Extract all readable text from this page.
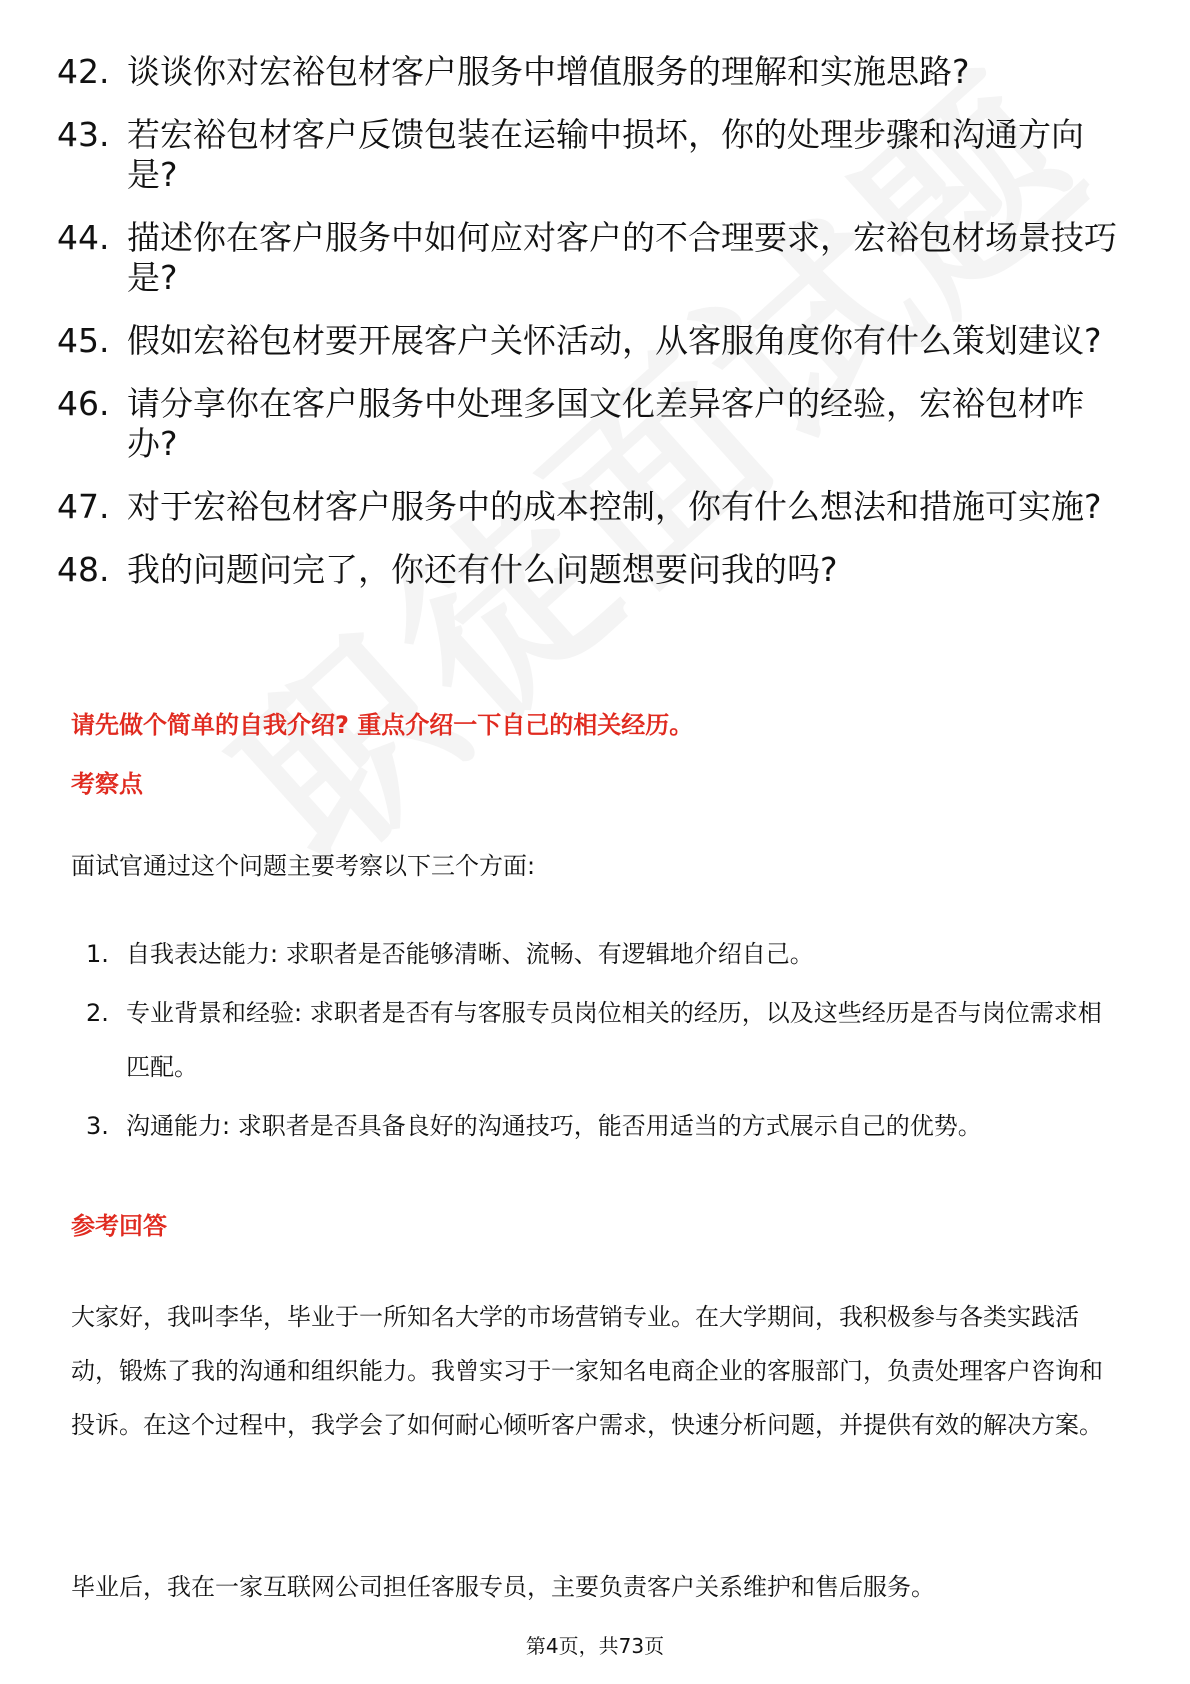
42. 谈谈你对宏裕包材客户服务中增值服务的理解和实施思路?
43. 若宏裕包材客户反馈包装在运输中损坏，你的处理步骤和沟通方向是?
44. 描述你在客户服务中如何应对客户的不合理要求，宏裕包材场景技巧是?
45. 假如宏裕包材要开展客户关怀活动，从客服角度你有什么策划建议?
46. 请分享你在客户服务中处理多国文化差异客户的经验，宏裕包材咋办?
47. 对于宏裕包材客户服务中的成本控制，你有什么想法和措施可实施?
48. 我的问题问完了，你还有什么问题想要问我的吗?
请先做个简单的自我介绍? 重点介绍一下自己的相关经历。
考察点
面试官通过这个问题主要考察以下三个方面:
1. 自我表达能力: 求职者是否能够清晰、流畅、有逻辑地介绍自己。
2. 专业背景和经验: 求职者是否有与客服专员岗位相关的经历，以及这些经历是否与岗位需求相匹配。
3. 沟通能力: 求职者是否具备良好的沟通技巧，能否用适当的方式展示自己的优势。
参考回答

大家好，我叫李华，毕业于一所知名大学的市场营销专业。在大学期间，我积极参与各类实践活动，锻炼了我的沟通和组织能力。我曾实习于一家知名电商企业的客服部门，负责处理客户咨询和投诉。在这个过程中，我学会了如何耐心倾听客户需求，快速分析问题，并提供有效的解决方案。

毕业后，我在一家互联网公司担任客服专员，主要负责客户关系维护和售后服务。

第4页，共73页
